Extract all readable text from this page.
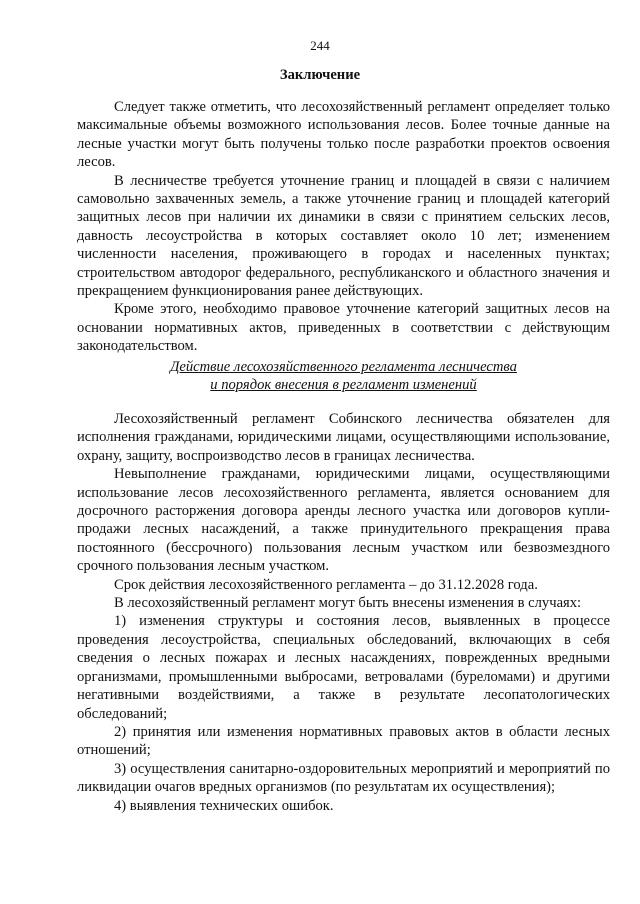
244
Заключение

Следует также отметить, что лесохозяйственный регламент определяет только максимальные объемы возможного использования лесов. Более точные данные на лесные участки могут быть получены только после разработки проектов освоения лесов.

В лесничестве требуется уточнение границ и площадей в связи с наличием самовольно захваченных земель, а также уточнение границ и площадей категорий защитных лесов при наличии их динамики в связи с принятием сельских лесов, давность лесоустройства в которых составляет около 10 лет; изменением численности населения, проживающего в городах и населенных пунктах; строительством автодорог федерального, республиканского и областного значения и прекращением функционирования ранее действующих.

Кроме этого, необходимо правовое уточнение категорий защитных лесов на основании нормативных актов, приведенных в соответствии с действующим законодательством.

Действие лесохозяйственного регламента лесничества
и порядок внесения в регламент изменений

Лесохозяйственный регламент Собинского лесничества обязателен для исполнения гражданами, юридическими лицами, осуществляющими использование, охрану, защиту, воспроизводство лесов в границах лесничества.

Невыполнение гражданами, юридическими лицами, осуществляющими использование лесов лесохозяйственного регламента, является основанием для досрочного расторжения договора аренды лесного участка или договоров купли-продажи лесных насаждений, а также принудительного прекращения права постоянного (бессрочного) пользования лесным участком или безвозмездного срочного пользования лесным участком.

Срок действия лесохозяйственного регламента – до 31.12.2028 года.

В лесохозяйственный регламент могут быть внесены изменения в случаях:

1) изменения структуры и состояния лесов, выявленных в процессе проведения лесоустройства, специальных обследований, включающих в себя сведения о лесных пожарах и лесных насаждениях, поврежденных вредными организмами, промышленными выбросами, ветровалами (буреломами) и другими негативными воздействиями, а также в результате лесопатологических обследований;

2) принятия или изменения нормативных правовых актов в области лесных отношений;

3) осуществления санитарно-оздоровительных мероприятий и мероприятий по ликвидации очагов вредных организмов (по результатам их осуществления);

4) выявления технических ошибок.
